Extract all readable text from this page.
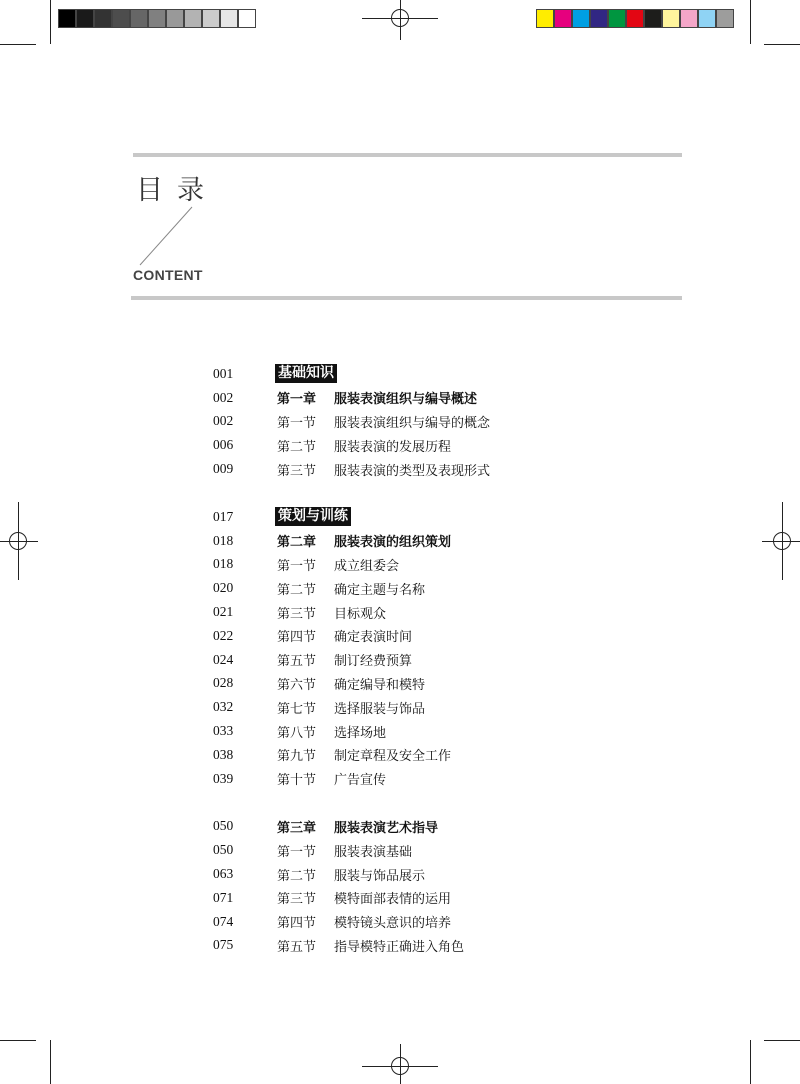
目录
CONTENT
001	基础知识
002	第一章	服装表演组织与编导概述
002	第一节	服装表演组织与编导的概念
006	第二节	服装表演的发展历程
009	第三节	服装表演的类型及表现形式
017	策划与训练
018	第二章	服装表演的组织策划
018	第一节	成立组委会
020	第二节	确定主题与名称
021	第三节	目标观众
022	第四节	确定表演时间
024	第五节	制订经费预算
028	第六节	确定编导和模特
032	第七节	选择服装与饰品
033	第八节	选择场地
038	第九节	制定章程及安全工作
039	第十节	广告宣传
050	第三章	服装表演艺术指导
050	第一节	服装表演基础
063	第二节	服装与饰品展示
071	第三节	模特面部表情的运用
074	第四节	模特镜头意识的培养
075	第五节	指导模特正确进入角色
